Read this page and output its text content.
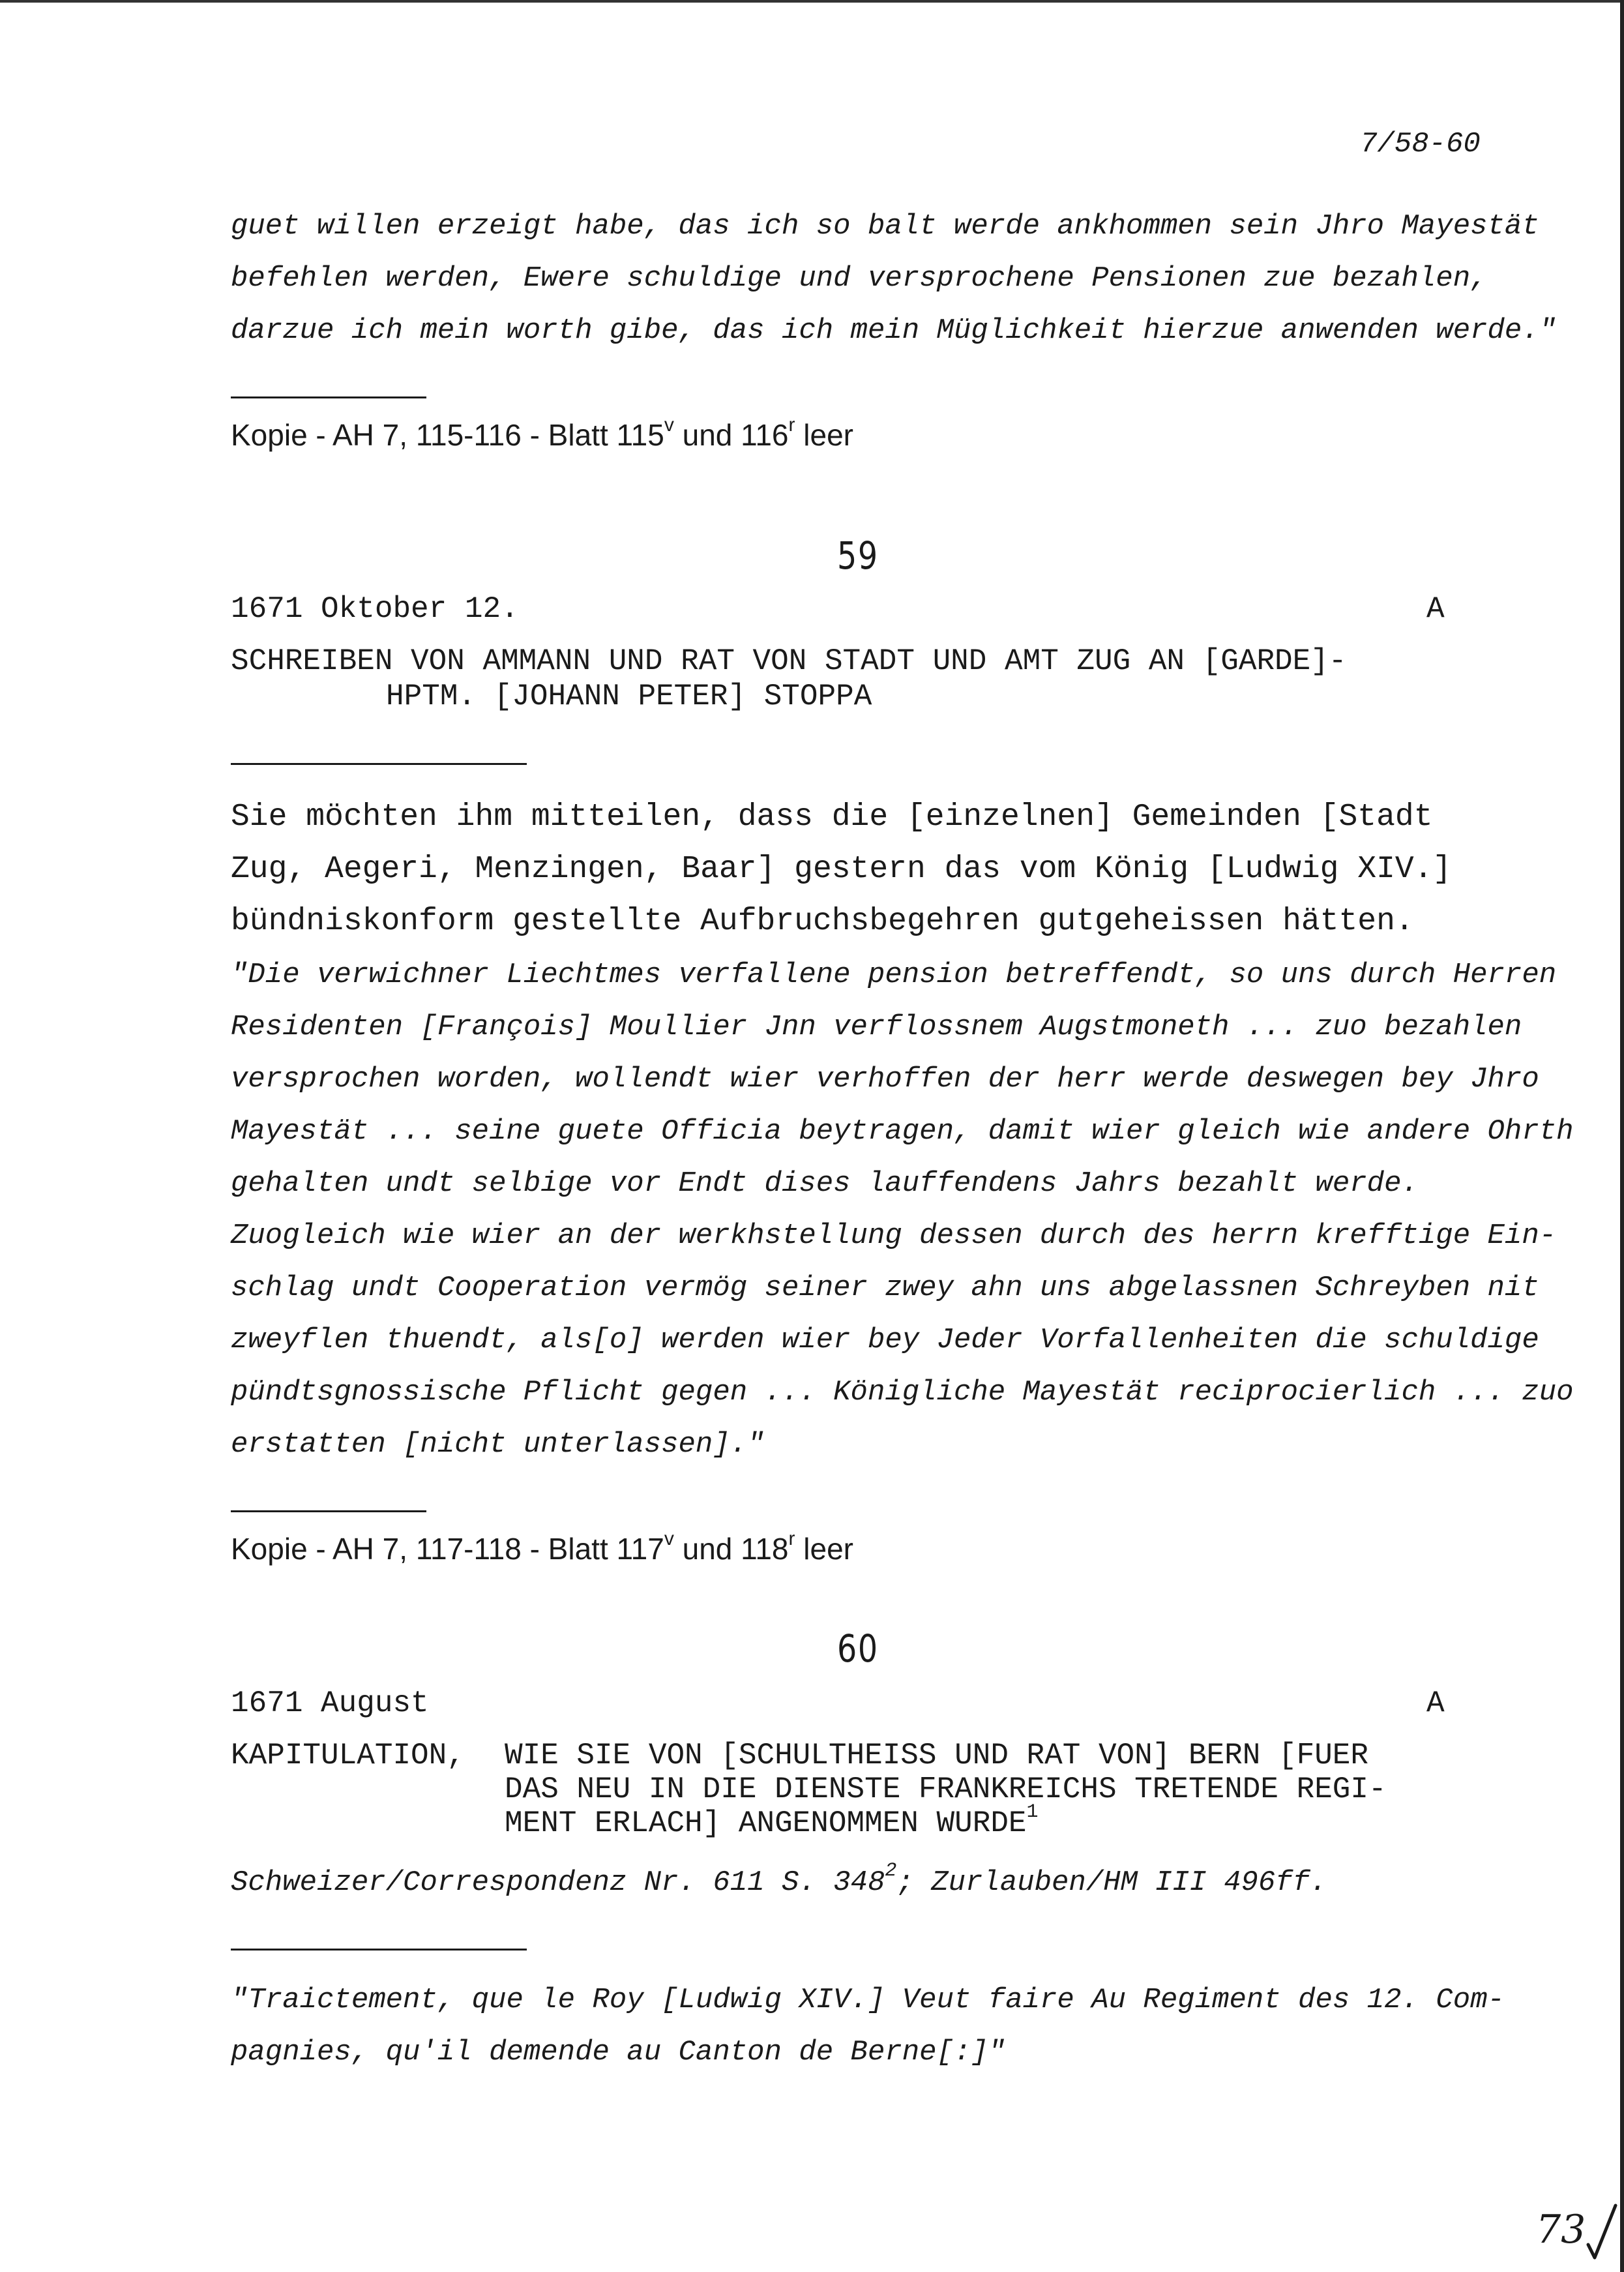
7/58-60
guet willen erzeigt habe, das ich so balt werde ankhommen sein Jhro Mayestät
befehlen werden, Ewere schuldige und versprochene Pensionen zue bezahlen,
darzue ich mein worth gibe, das ich mein Müglichkeit hierzue anwenden werde."
Kopie - AH 7, 115-116 - Blatt 115$^v$ und 116$^r$ leer
59
1671 Oktober 12.	A
SCHREIBEN VON AMMANN UND RAT VON STADT UND AMT ZUG AN [GARDE]-
HPTM. [JOHANN PETER] STOPPA
Sie möchten ihm mitteilen, dass die [einzelnen] Gemeinden [Stadt
Zug, Aegeri, Menzingen, Baar] gestern das vom König [Ludwig XIV.]
bündniskonform gestellte Aufbruchsbegehren gutgeheissen hätten.
"Die verwichner Liechtmes verfallene pension betreffendt, so uns durch Herren
Residenten [François] Moullier Jnn verflossnem Augstmoneth ... zuo bezahlen
versprochen worden, wollendt wier verhoffen der herr werde deswegen bey Jhro
Mayestät ... seine guete Officia beytragen, damit wier gleich wie andere Ohrth
gehalten undt selbige vor Endt dises lauffendens Jahrs bezahlt werde.
Zuogleich wie wier an der werkhstellung dessen durch des herrn krefftige Ein-
schlag undt Cooperation vermög seiner zwey ahn uns abgelassnen Schreyben nit
zweyflen thuendt, als[o] werden wier bey Jeder Vorfallenheiten die schuldige
pündtsgnossische Pflicht gegen ... Königliche Mayestät reciprocierlich ... zuo
erstatten [nicht unterlassen]."
Kopie - AH 7, 117-118 - Blatt 117$^v$ und 118$^r$ leer
60
1671 August	A
KAPITULATION, WIE SIE VON [SCHULTHEISS UND RAT VON] BERN [FUER
DAS NEU IN DIE DIENSTE FRANKREICHS TRETENDE REGI-
MENT ERLACH] ANGENOMMEN WURDE$^1$
Schweizer/Correspondenz Nr. 611 S. $348^2$; Zurlauben/HM III 496ff.
"Traictement, que le Roy [Ludwig XIV.] Veut faire Au Regiment des 12. Com-
pagnies, qu'il demende au Canton de Berne[:]"
73
